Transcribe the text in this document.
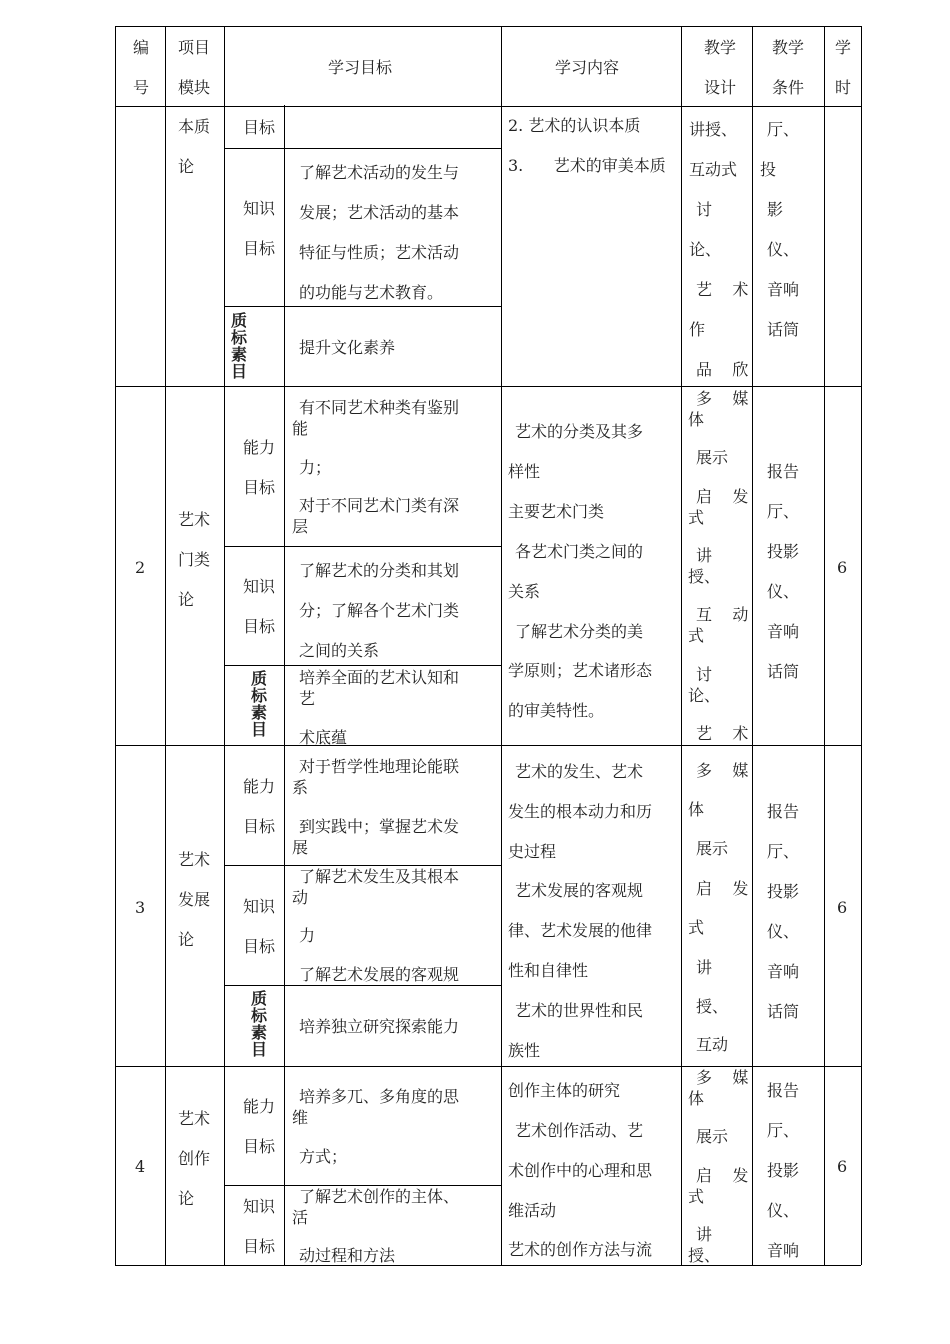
编
号
项目
模块
学习目标	学习内容
教学
设计
教学
条件
学
时
本质
论
目标
知识
目标
了解艺术活动的发生与
发展；艺术活动的基本
特征与性质；艺术活动
的功能与艺术教育。
质
标
素
目
提升文化素养
2. 艺术的认识本质
3.      艺术的审美本质
讲授、
互动式
讨
论、
艺    术
作
品    欣
厅、
投
影
仪、
音响
话筒
2
艺术
门类
论
能力
目标
有不同艺术种类有鉴别
能
力；
对于不同艺术门类有深
层
知识
目标
了解艺术的分类和其划
分；了解各个艺术门类
之间的关系
质
标
素
目
培养全面的艺术认知和
艺
术底蕴
艺术的分类及其多
样性
主要艺术门类
各艺术门类之间的
关系
了解艺术分类的美
学原则；艺术诸形态
的审美特性。
多    媒
体
展示
启    发
式
讲
授、
互    动
式
讨
论、
艺    术
报告
厅、
投影
仪、
音响
话筒
6
3
艺术
发展
论
能力
目标
对于哲学性地理论能联
系
到实践中；掌握艺术发
展
知识
目标
了解艺术发生及其根本
动
力
了解艺术发展的客观规
质
标
素
目
培养独立研究探索能力
艺术的发生、艺术
发生的根本动力和历
史过程
艺术发展的客观规
律、艺术发展的他律
性和自律性
艺术的世界性和民
族性
多    媒
体
展示
启    发
式
讲
授、
互动
报告
厅、
投影
仪、
音响
话筒
6
4
艺术
创作
论
能力
目标
培养多兀、多角度的思
维
方式；
知识
目标
了解艺术创作的主体、
活
动过程和方法
创作主体的研究
艺术创作活动、艺
术创作中的心理和思
维活动
艺术的创作方法与流
多    媒
体
展示
启    发
式
讲
授、
报告
厅、
投影
仪、
音响
6
